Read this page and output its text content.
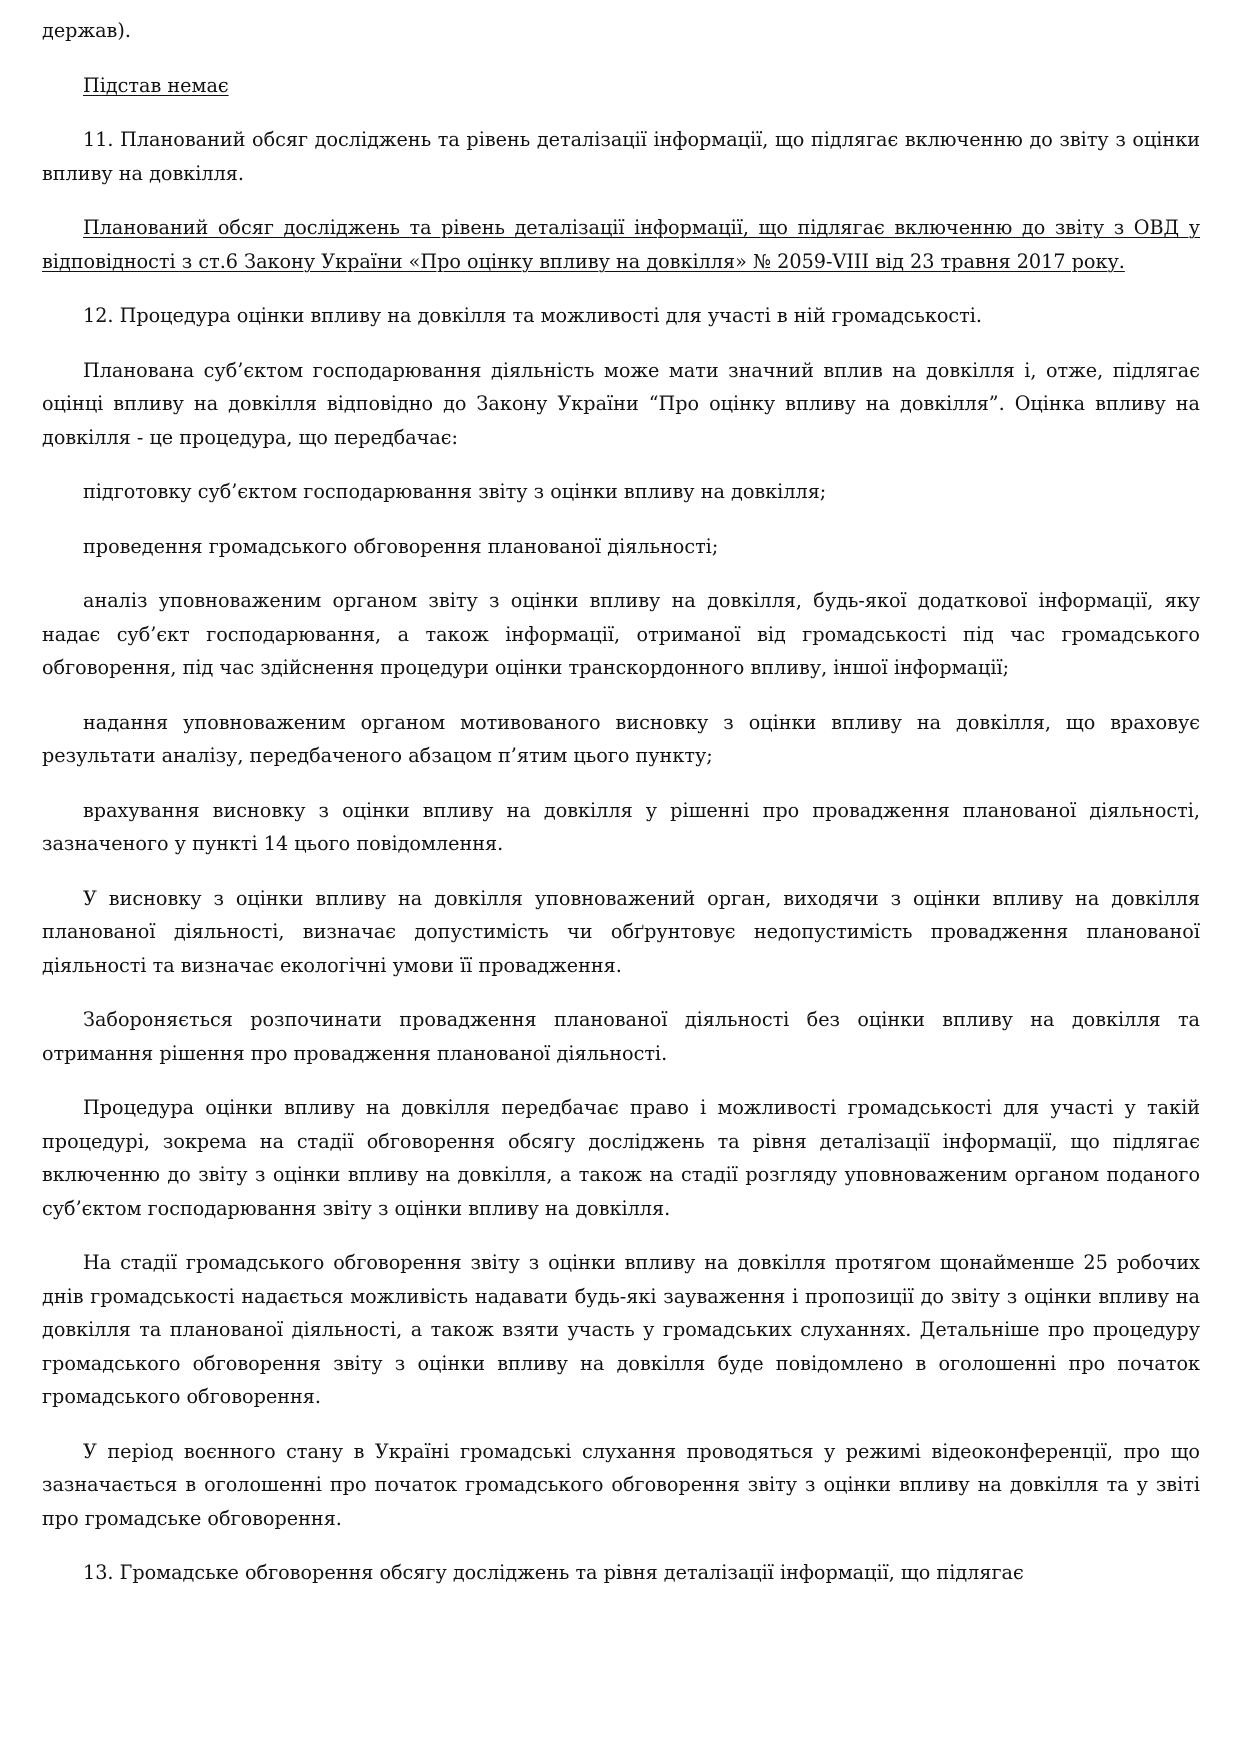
держав).

Підстав немає

11. Планований обсяг досліджень та рівень деталізації інформації, що підлягає включенню до звіту з оцінки впливу на довкілля.

Планований обсяг досліджень та рівень деталізації інформації, що підлягає включенню до звіту з ОВД у відповідності з ст.6 Закону України «Про оцінку впливу на довкілля» № 2059-VIII від 23 травня 2017 року.

12. Процедура оцінки впливу на довкілля та можливості для участі в ній громадськості.

Планована суб’єктом господарювання діяльність може мати значний вплив на довкілля і, отже, підлягає оцінці впливу на довкілля відповідно до Закону України “Про оцінку впливу на довкілля”. Оцінка впливу на довкілля - це процедура, що передбачає:

підготовку суб’єктом господарювання звіту з оцінки впливу на довкілля;

проведення громадського обговорення планованої діяльності;

аналіз уповноваженим органом звіту з оцінки впливу на довкілля, будь-якої додаткової інформації, яку надає суб’єкт господарювання, а також інформації, отриманої від громадськості під час громадського обговорення, під час здійснення процедури оцінки транскордонного впливу, іншої інформації;

надання уповноваженим органом мотивованого висновку з оцінки впливу на довкілля, що враховує результати аналізу, передбаченого абзацом п’ятим цього пункту;

врахування висновку з оцінки впливу на довкілля у рішенні про провадження планованої діяльності, зазначеного у пункті 14 цього повідомлення.

У висновку з оцінки впливу на довкілля уповноважений орган, виходячи з оцінки впливу на довкілля планованої діяльності, визначає допустимість чи обґрунтовує недопустимість провадження планованої діяльності та визначає екологічні умови її провадження.

Забороняється розпочинати провадження планованої діяльності без оцінки впливу на довкілля та отримання рішення про провадження планованої діяльності.

Процедура оцінки впливу на довкілля передбачає право і можливості громадськості для участі у такій процедурі, зокрема на стадії обговорення обсягу досліджень та рівня деталізації інформації, що підлягає включенню до звіту з оцінки впливу на довкілля, а також на стадії розгляду уповноваженим органом поданого суб’єктом господарювання звіту з оцінки впливу на довкілля.

На стадії громадського обговорення звіту з оцінки впливу на довкілля протягом щонайменше 25 робочих днів громадськості надається можливість надавати будь-які зауваження і пропозиції до звіту з оцінки впливу на довкілля та планованої діяльності, а також взяти участь у громадських слуханнях. Детальніше про процедуру громадського обговорення звіту з оцінки впливу на довкілля буде повідомлено в оголошенні про початок громадського обговорення.

У період воєнного стану в Україні громадські слухання проводяться у режимі відеоконференції, про що зазначається в оголошенні про початок громадського обговорення звіту з оцінки впливу на довкілля та у звіті про громадське обговорення.

13. Громадське обговорення обсягу досліджень та рівня деталізації інформації, що підлягає
